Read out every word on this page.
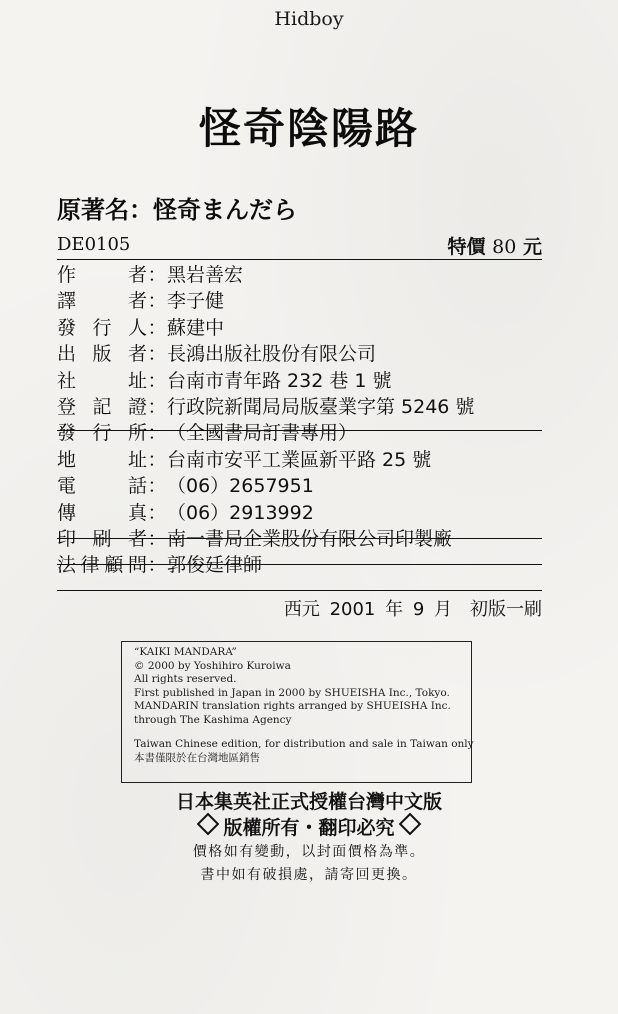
Hidboy
怪奇陰陽路
原著名：怪奇まんだら
DE0105	特價 80 元
作	者 ：黑岩善宏
譯	者 ：李子健
發 行 人 ：蘇建中
出 版 者 ：長鴻出版社股份有限公司
社	址 ：台南市青年路 232 巷 1 號
登 記 證 ：行政院新聞局局版臺業字第 5246 號
發 行 所 ：（全國書局訂書專用）
地	址 ：台南市安平工業區新平路 25 號
電	話 ：（06）2657951
傳	真 ：（06）2913992
印 刷 者 ：南一書局企業股份有限公司印製廠
法 律 顧 問 ：郭俊廷律師
西元 2001 年 9 月　初版一刷
“KAIKI MANDARA”
© 2000 by Yoshihiro Kuroiwa
All rights reserved.
First published in Japan in 2000 by SHUEISHA Inc., Tokyo.
MANDARIN translation rights arranged by SHUEISHA Inc.
through The Kashima Agency
Taiwan Chinese edition, for distribution and sale in Taiwan only
本書僅限於在台灣地區銷售
日本集英社正式授權台灣中文版
版權所有・翻印必究
價格如有變動，以封面價格為準。
書中如有破損處，請寄回更換。
